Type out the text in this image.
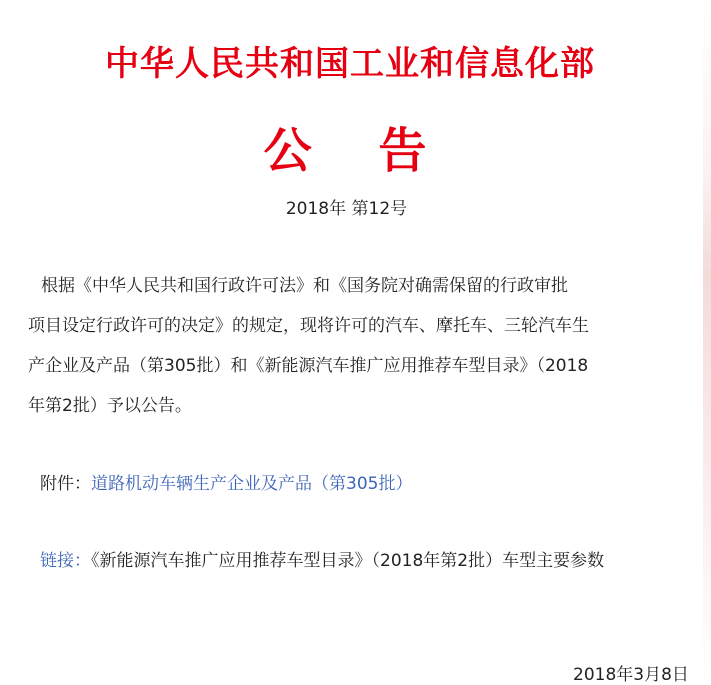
中华人民共和国工业和信息化部
公    告
2018年 第12号
根据《中华人民共和国行政许可法》和《国务院对确需保留的行政审批
项目设定行政许可的决定》的规定，现将许可的汽车、摩托车、三轮汽车生
产企业及产品（第305批）和《新能源汽车推广应用推荐车型目录》（2018
年第2批）予以公告。
附件：道路机动车辆生产企业及产品（第305批）
链接：《新能源汽车推广应用推荐车型目录》（2018年第2批）车型主要参数
2018年3月8日
